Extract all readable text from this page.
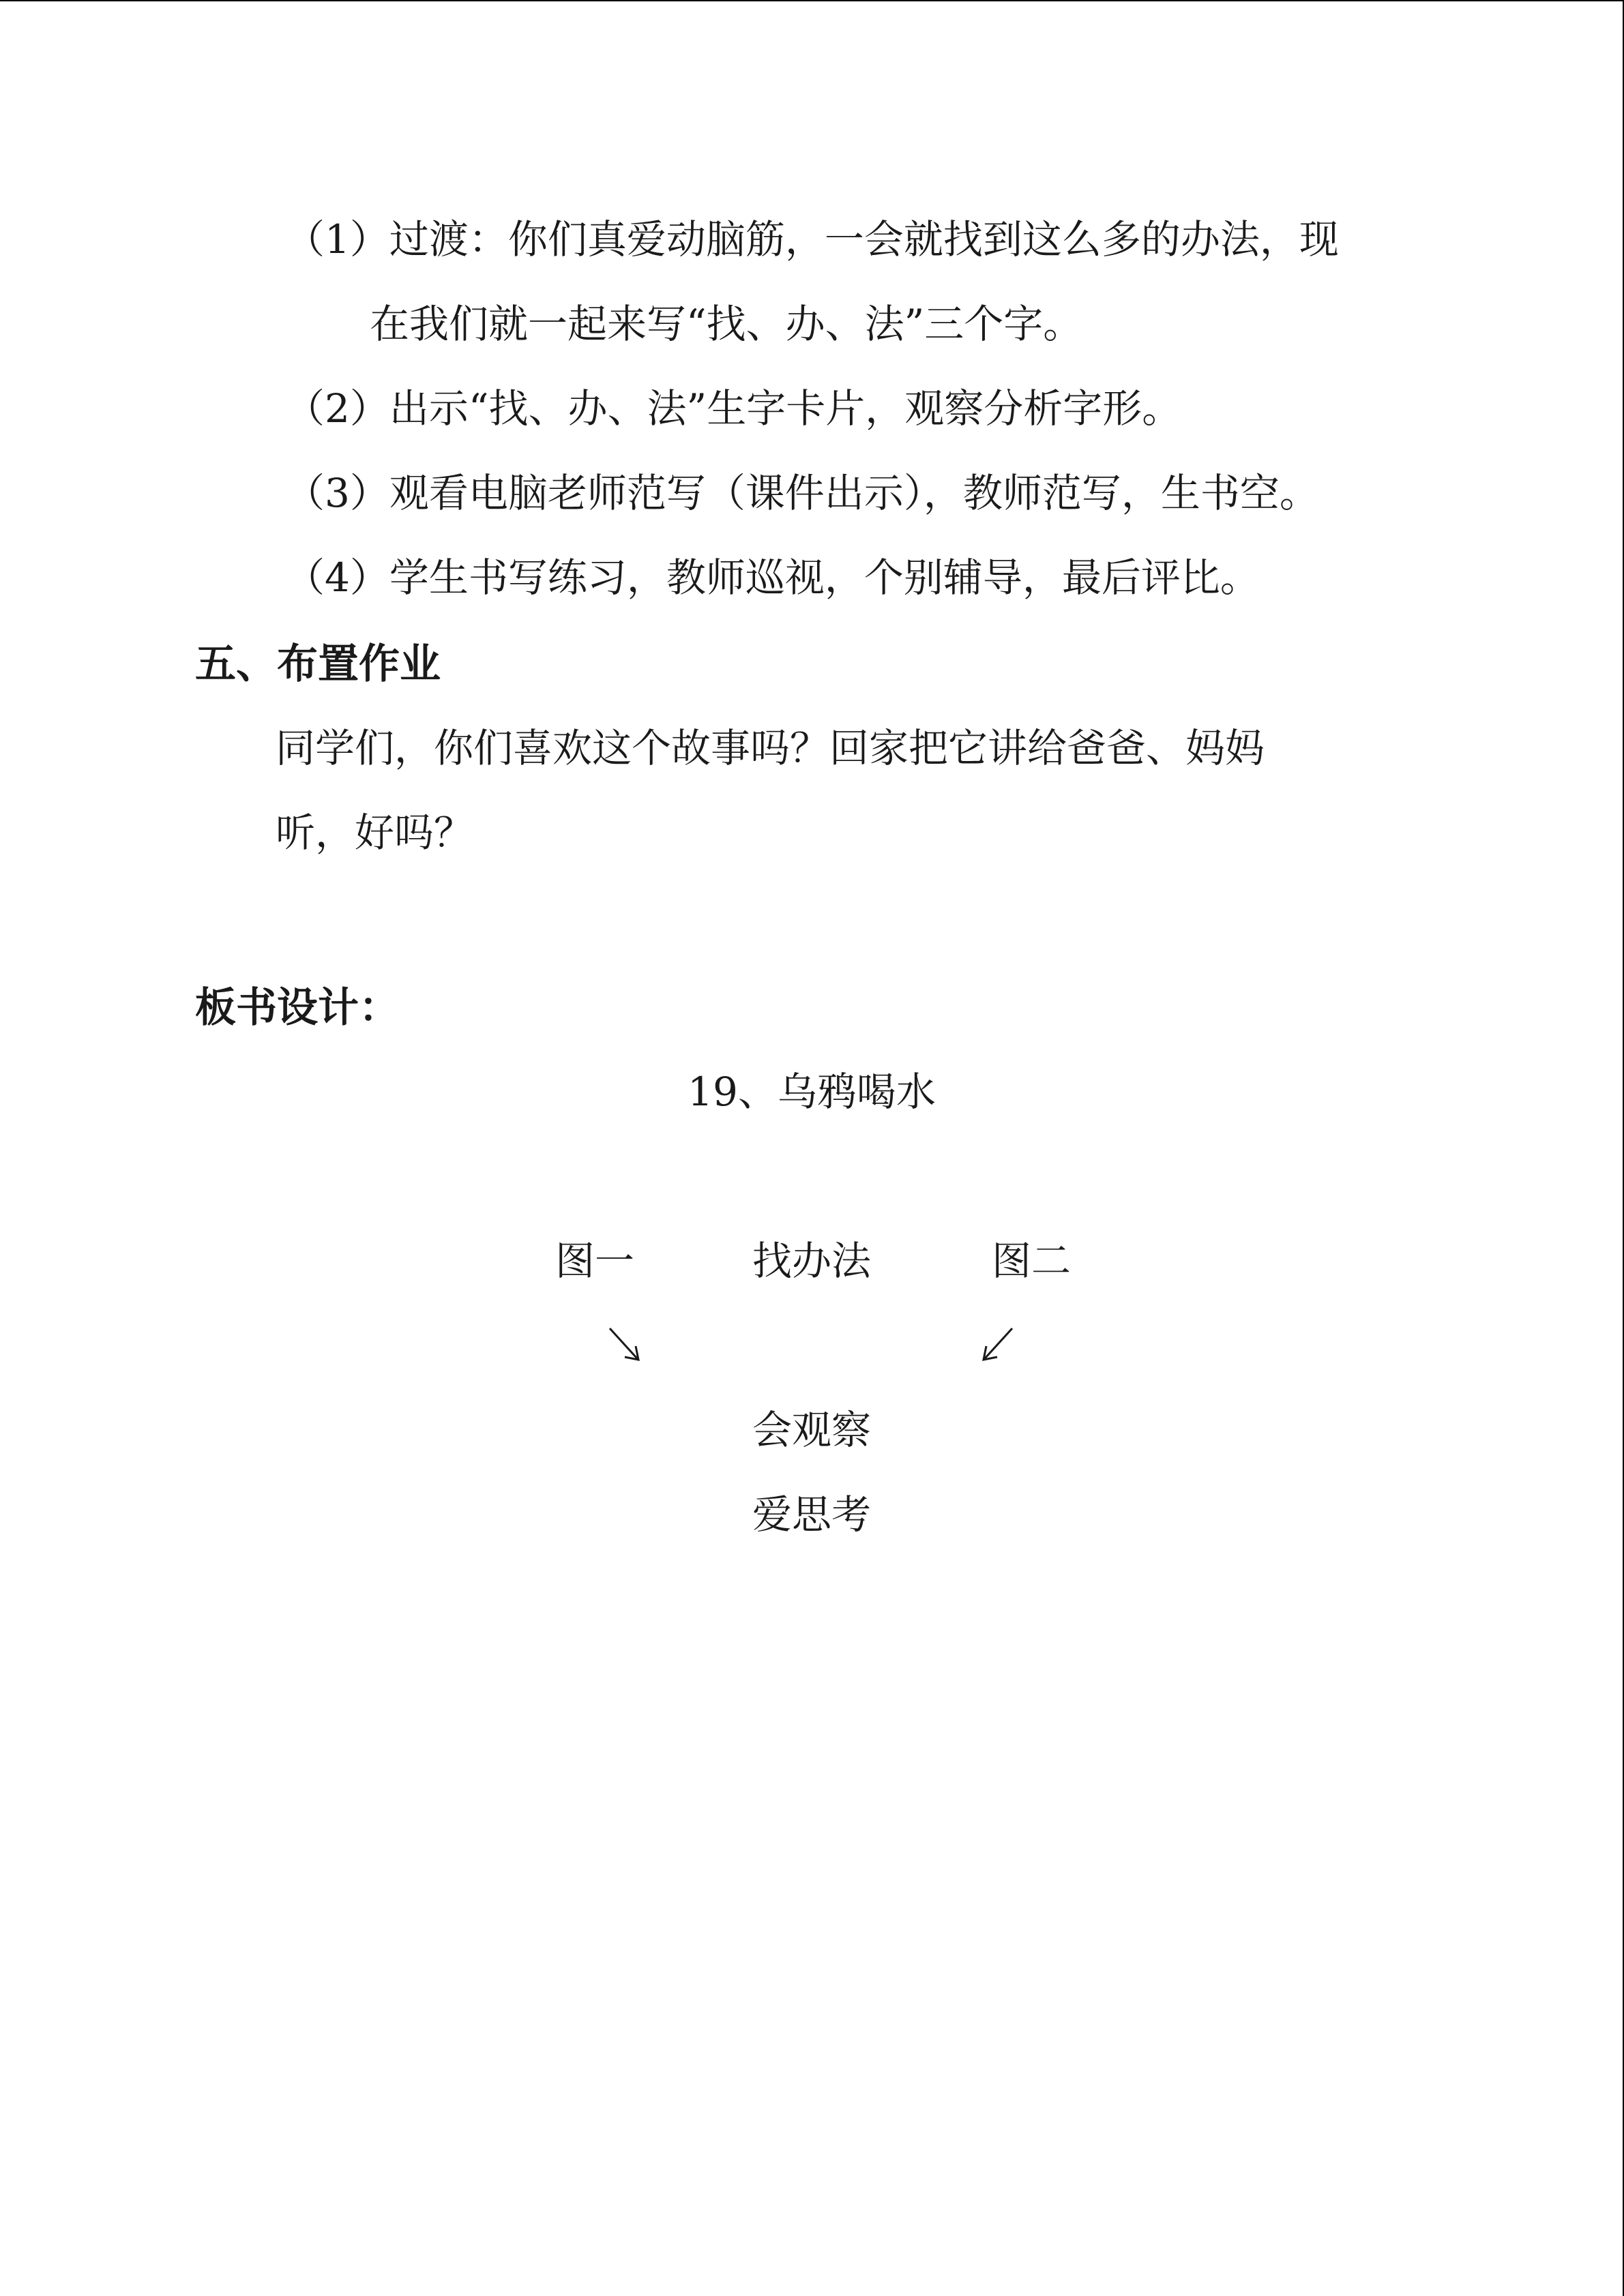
（1）过渡：你们真爱动脑筋，一会就找到这么多的办法，现
在我们就一起来写“找、办、法”三个字。
（2）出示“找、办、法”生字卡片，观察分析字形。
（3）观看电脑老师范写（课件出示），教师范写，生书空。
（4）学生书写练习，教师巡视，个别辅导，最后评比。
五、布置作业
同学们，你们喜欢这个故事吗？回家把它讲给爸爸、妈妈
听，好吗？
板书设计：
19、乌鸦喝水
图一	找办法	图二
会观察
爱思考
